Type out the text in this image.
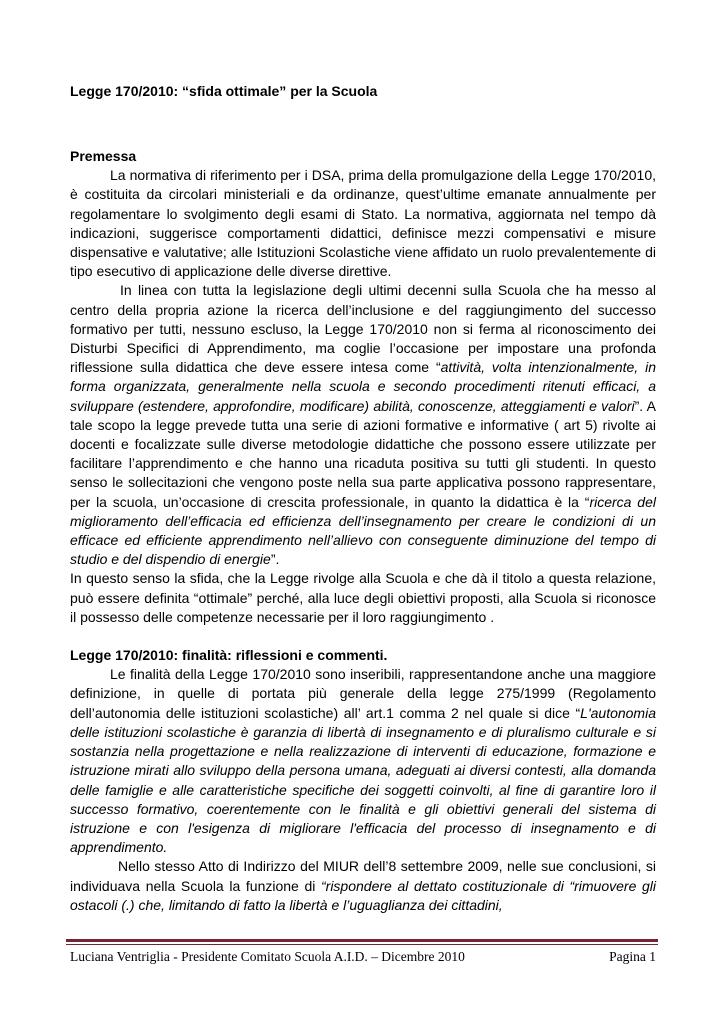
Legge 170/2010: “sfida ottimale” per la Scuola

Premessa

La normativa di riferimento per i DSA, prima della promulgazione della Legge 170/2010, è costituita da circolari ministeriali e da ordinanze, quest’ultime emanate annualmente per regolamentare lo svolgimento degli esami di Stato. La normativa, aggiornata nel tempo dà indicazioni, suggerisce comportamenti didattici, definisce mezzi compensativi e misure dispensative e valutative; alle Istituzioni Scolastiche viene affidato un ruolo prevalentemente di tipo esecutivo di applicazione delle diverse direttive.

In linea con tutta la legislazione degli ultimi decenni sulla Scuola che ha messo al centro della propria azione la ricerca dell’inclusione e del raggiungimento del successo formativo per tutti, nessuno escluso, la Legge 170/2010 non si ferma al riconoscimento dei Disturbi Specifici di Apprendimento, ma coglie l’occasione per impostare una profonda riflessione sulla didattica che deve essere intesa come “attività, volta intenzionalmente, in forma organizzata, generalmente nella scuola e secondo procedimenti ritenuti efficaci, a sviluppare (estendere, approfondire, modificare) abilità, conoscenze, atteggiamenti e valori”. A tale scopo la legge prevede tutta una serie di azioni formative e informative ( art 5) rivolte ai docenti e focalizzate sulle diverse metodologie didattiche che possono essere utilizzate per facilitare l’apprendimento e che hanno una ricaduta positiva su tutti gli studenti. In questo senso le sollecitazioni che vengono poste nella sua parte applicativa possono rappresentare, per la scuola, un’occasione di crescita professionale, in quanto la didattica è la “ricerca del miglioramento dell’efficacia ed efficienza dell’insegnamento per creare le condizioni di un efficace ed efficiente apprendimento nell’allievo con conseguente diminuzione del tempo di studio e del dispendio di energie”.

In questo senso la sfida, che la Legge rivolge alla Scuola e che dà il titolo a questa relazione, può essere definita “ottimale” perché, alla luce degli obiettivi proposti, alla Scuola si riconosce il possesso delle competenze necessarie per il loro raggiungimento .

Legge 170/2010: finalità: riflessioni e commenti.

Le finalità della Legge 170/2010 sono inseribili, rappresentandone anche una maggiore definizione, in quelle di portata più generale della legge 275/1999 (Regolamento dell’autonomia delle istituzioni scolastiche) all’ art.1 comma 2 nel quale si dice “L'autonomia delle istituzioni scolastiche è garanzia di libertà di insegnamento e di pluralismo culturale e si sostanzia nella progettazione e nella realizzazione di interventi di educazione, formazione e istruzione mirati allo sviluppo della persona umana, adeguati ai diversi contesti, alla domanda delle famiglie e alle caratteristiche specifiche dei soggetti coinvolti, al fine di garantire loro il successo formativo, coerentemente con le finalità e gli obiettivi generali del sistema di istruzione e con l'esigenza di migliorare l'efficacia del processo di insegnamento e di apprendimento.

Nello stesso Atto di Indirizzo del MIUR dell’8 settembre 2009, nelle sue conclusioni, si individuava nella Scuola la funzione di “rispondere al dettato costituzionale di “rimuovere gli ostacoli (.) che, limitando di fatto la libertà e l’uguaglianza dei cittadini,

Luciana Ventriglia - Presidente Comitato Scuola A.I.D. – Dicembre 2010	Pagina 1
